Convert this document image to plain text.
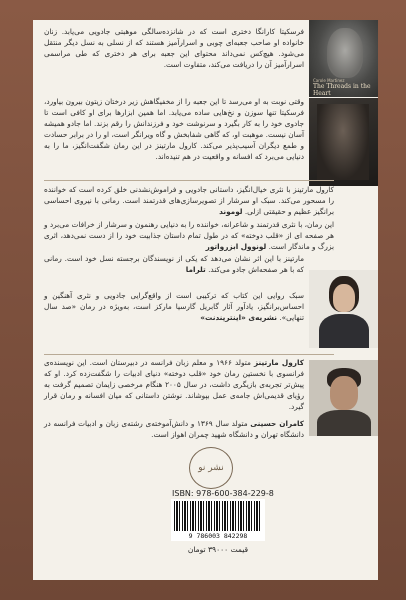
Carole Martinez
The Threads in the Heart
فرسکیتا کارانگا دختری است که در شانزده‌سالگی موهبتی جادویی می‌یابد. زنان خانواده او صاحب جعبه‌ای چوبی و اسرارآمیز هستند که از نسلی به نسل دیگر منتقل می‌شود. هیچ‌کس نمی‌داند محتوای این جعبه برای هر دختری که طی مراسمی اسرارآمیز آن را دریافت می‌کند، متفاوت است.
وقتی نوبت به او می‌رسد تا این جعبه را از مخفیگاهش زیر درختان زیتون بیرون بیاورد، فرسکیتا تنها سوزن و نخ‌هایی ساده می‌یابد. اما همین ابزارها برای او کافی است تا جادوی خود را به کار بگیرد و سرنوشت خود و فرزندانش را رقم بزند. اما جادو همیشه آسان نیست. موهبت او، که گاهی شفابخش و گاه ویرانگر است، او را در برابر حسادت و طمع دیگران آسیب‌پذیر می‌کند. کارول مارتینز در این رمان شگفت‌انگیز، ما را به دنیایی می‌برد که افسانه و واقعیت در هم تنیده‌اند.
کارول مارتینز با نثری خیال‌انگیز، داستانی جادویی و فراموش‌نشدنی خلق کرده است که خواننده را مسحور می‌کند. سبک او سرشار از تصویرسازی‌های قدرتمند است. رمانی با نیروی احساسی برانگیز عظیم و حقیقتی ازلی. لوموند
این رمان، با نثری قدرتمند و شاعرانه، خواننده را به دنیایی رهنمون و سرشار از خرافات می‌برد و هر صفحه ای از «قلب دوخته» که در طول تمام داستان جذابیت خود را از دست نمی‌دهد، اثری بزرگ و ماندگار است. لونوول ابزرواتور
مارتینز با این اثر نشان می‌دهد که یکی از نویسندگان برجسته نسل خود است. رمانی که با هر صفحه‌اش جادو می‌کند. تلراما
سبک روایی این کتاب که ترکیبی است از واقع‌گرایی جادویی و نثری آهنگین و احساس‌برانگیز، یادآور آثار گابریل گارسیا مارکز است، به‌ویژه در رمان «صد سال تنهایی». نشریه‌ی «اینترپندنت»
کارول مارتینز متولد ۱۹۶۶ و معلم زبان فرانسه در دبیرستان است. این نویسنده‌ی فرانسوی با نخستین رمان خود «قلب دوخته» دنیای ادبیات را شگفت‌زده کرد. او که پیش‌تر تجربه‌ی بازیگری داشت، در سال ۲۰۰۵ هنگام مرخصی زایمان تصمیم گرفت به رؤیای قدیمی‌اش جامه‌ی عمل بپوشاند. نوشتن داستانی که میان افسانه و رمان قرار گیرد.
کامران حسینی متولد سال ۱۳۶۹ و دانش‌آموخته‌ی رشته‌ی زبان و ادبیات فرانسه در دانشگاه تهران و دانشگاه شهید چمران اهواز است.
نشر نو
ISBN: 978-600-384-229-8
9 786003 842298
قیمت ۳۹۰۰۰ تومان
